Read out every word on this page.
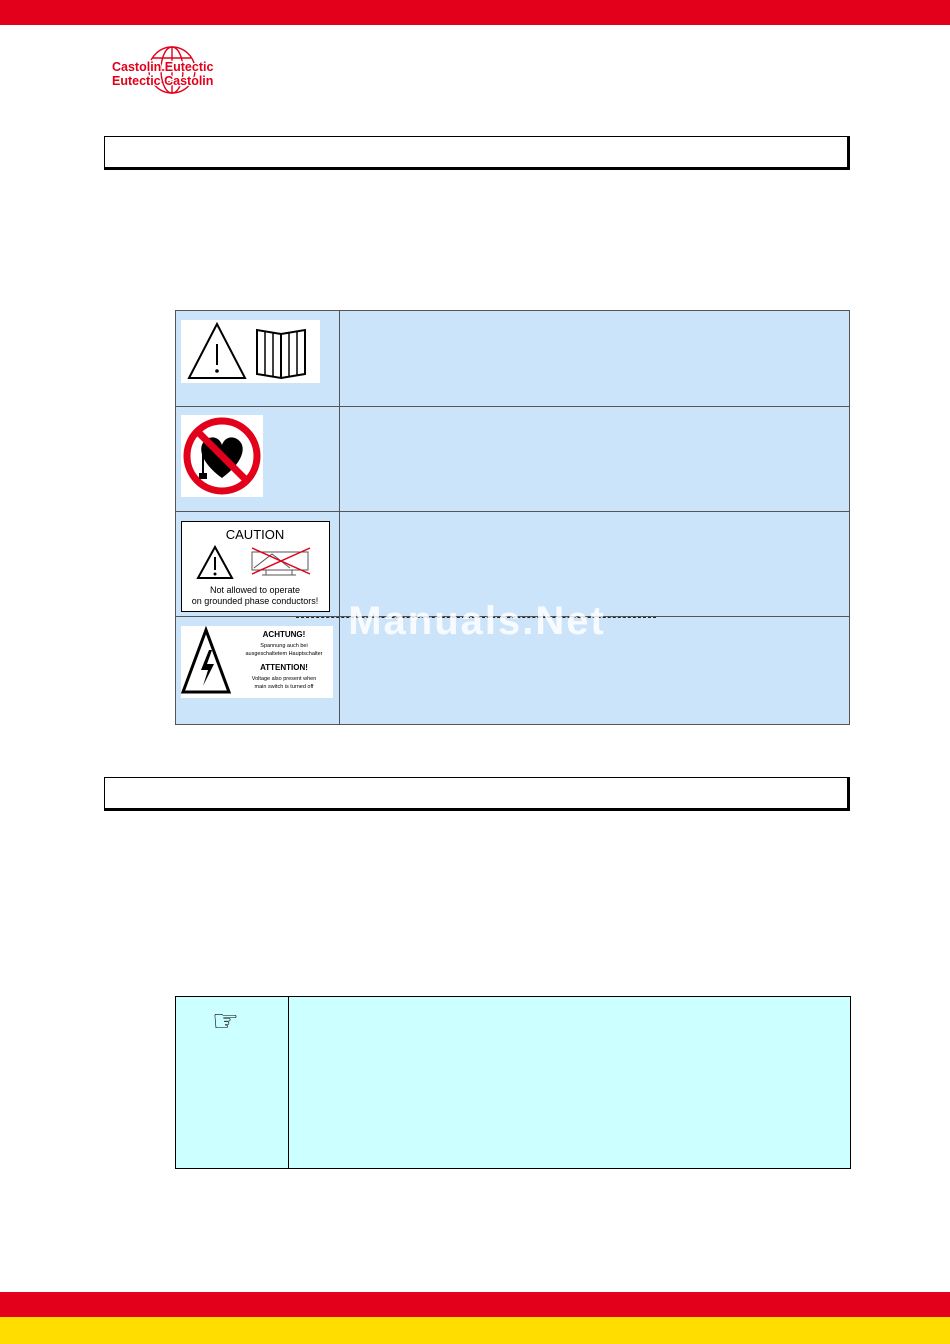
Castolin Eutectic
Eutectic Castolin
CAUTION
Not allowed to operate
on grounded phase conductors!
ACHTUNG!
Spannung auch bei
ausgeschaltetem Hauptschalter
ATTENTION!
Voltage also present when
main switch is turned off
Manuals.Net
☞
